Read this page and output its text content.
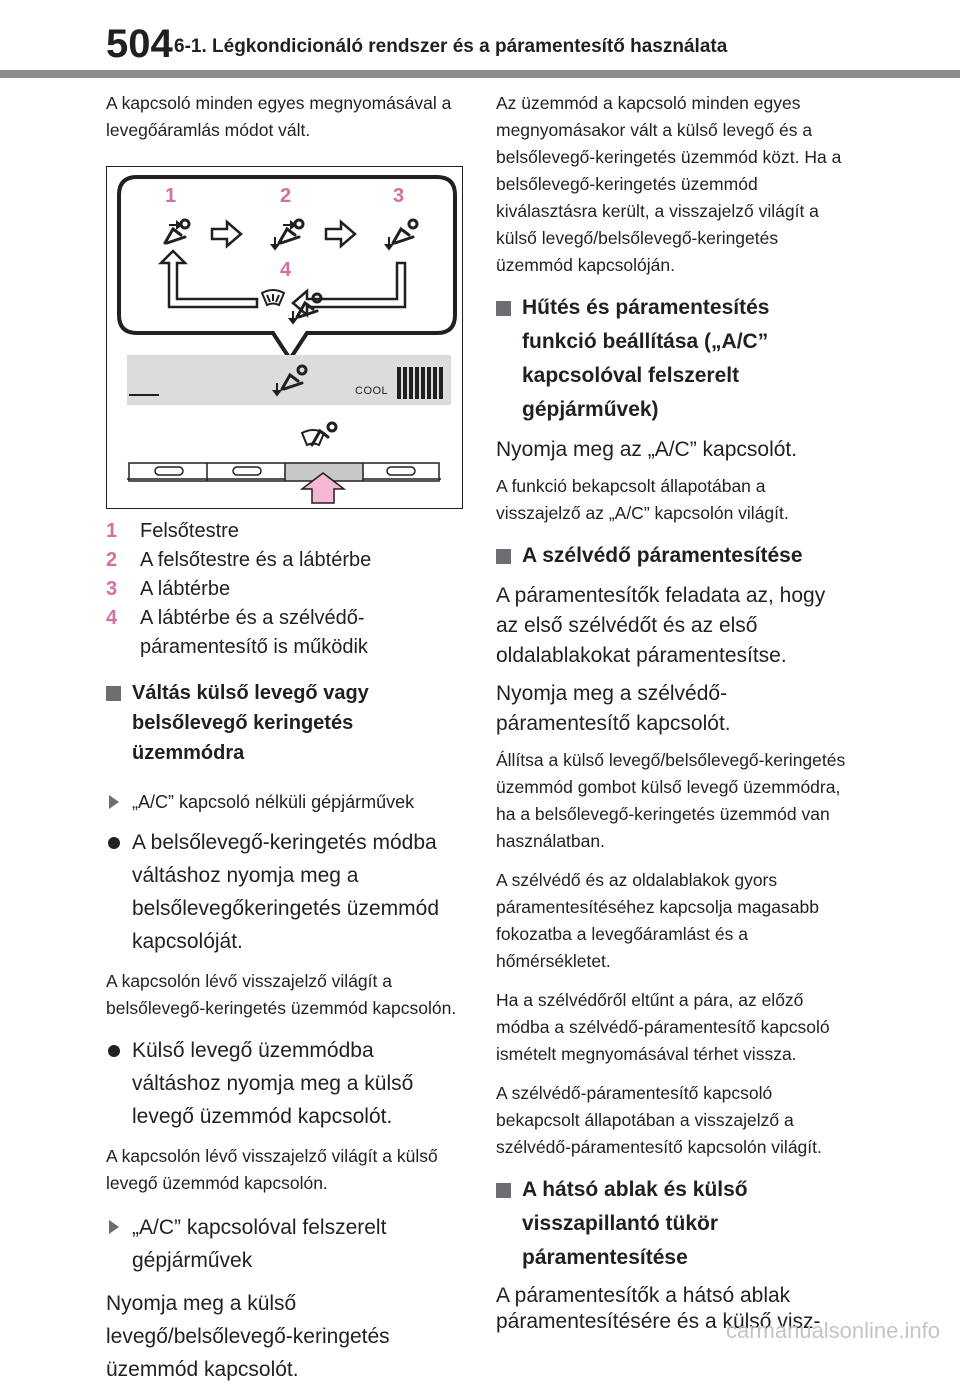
504 6-1. Légkondicionáló rendszer és a páramentesítő használata

A kapcsoló minden egyes megnyomásával a levegőáramlás módot vált.

1	2	3
4
COOL
1 Felsőtestre
2 A felsőtestre és a lábtérbe
3 A lábtérbe
4 A lábtérbe és a szélvédő-páramentesítő is működik
Váltás külső levegő vagy belsőlevegő keringetés üzemmódra
„A/C” kapcsoló nélküli gépjárművek
A belsőlevegő-keringetés módba váltáshoz nyomja meg a belsőlevegőkeringetés üzemmód kapcsolóját.

A kapcsolón lévő visszajelző világít a belsőlevegő-keringetés üzemmód kapcsolón.

Külső levegő üzemmódba váltáshoz nyomja meg a külső levegő üzemmód kapcsolót.

A kapcsolón lévő visszajelző világít a külső levegő üzemmód kapcsolón.

„A/C” kapcsolóval felszerelt gépjárművek

Nyomja meg a külső levegő/belsőlevegő-keringetés üzemmód kapcsolót.

Az üzemmód a kapcsoló minden egyes megnyomásakor vált a külső levegő és a belsőlevegő-keringetés üzemmód közt. Ha a belsőlevegő-keringetés üzemmód kiválasztásra került, a visszajelző világít a külső levegő/belsőlevegő-keringetés üzemmód kapcsolóján.

Hűtés és páramentesítés funkció beállítása („A/C” kapcsolóval felszerelt gépjárművek)

Nyomja meg az „A/C” kapcsolót.

A funkció bekapcsolt állapotában a visszajelző az „A/C” kapcsolón világít.

A szélvédő páramentesítése

A páramentesítők feladata az, hogy az első szélvédőt és az első oldalablakokat páramentesítse.

Nyomja meg a szélvédő-páramentesítő kapcsolót.

Állítsa a külső levegő/belsőlevegő-keringetés üzemmód gombot külső levegő üzemmódra, ha a belsőlevegő-keringetés üzemmód van használatban.

A szélvédő és az oldalablakok gyors páramentesítéséhez kapcsolja magasabb fokozatba a levegőáramlást és a hőmérsékletet.

Ha a szélvédőről eltűnt a pára, az előző módba a szélvédő-páramentesítő kapcsoló ismételt megnyomásával térhet vissza.

A szélvédő-páramentesítő kapcsoló bekapcsolt állapotában a visszajelző a szélvédő-páramentesítő kapcsolón világít.

A hátsó ablak és külső visszapillantó tükör páramentesítése

A páramentesítők a hátsó ablak páramentesítésére és a külső visz-

carmanualsonline.info
